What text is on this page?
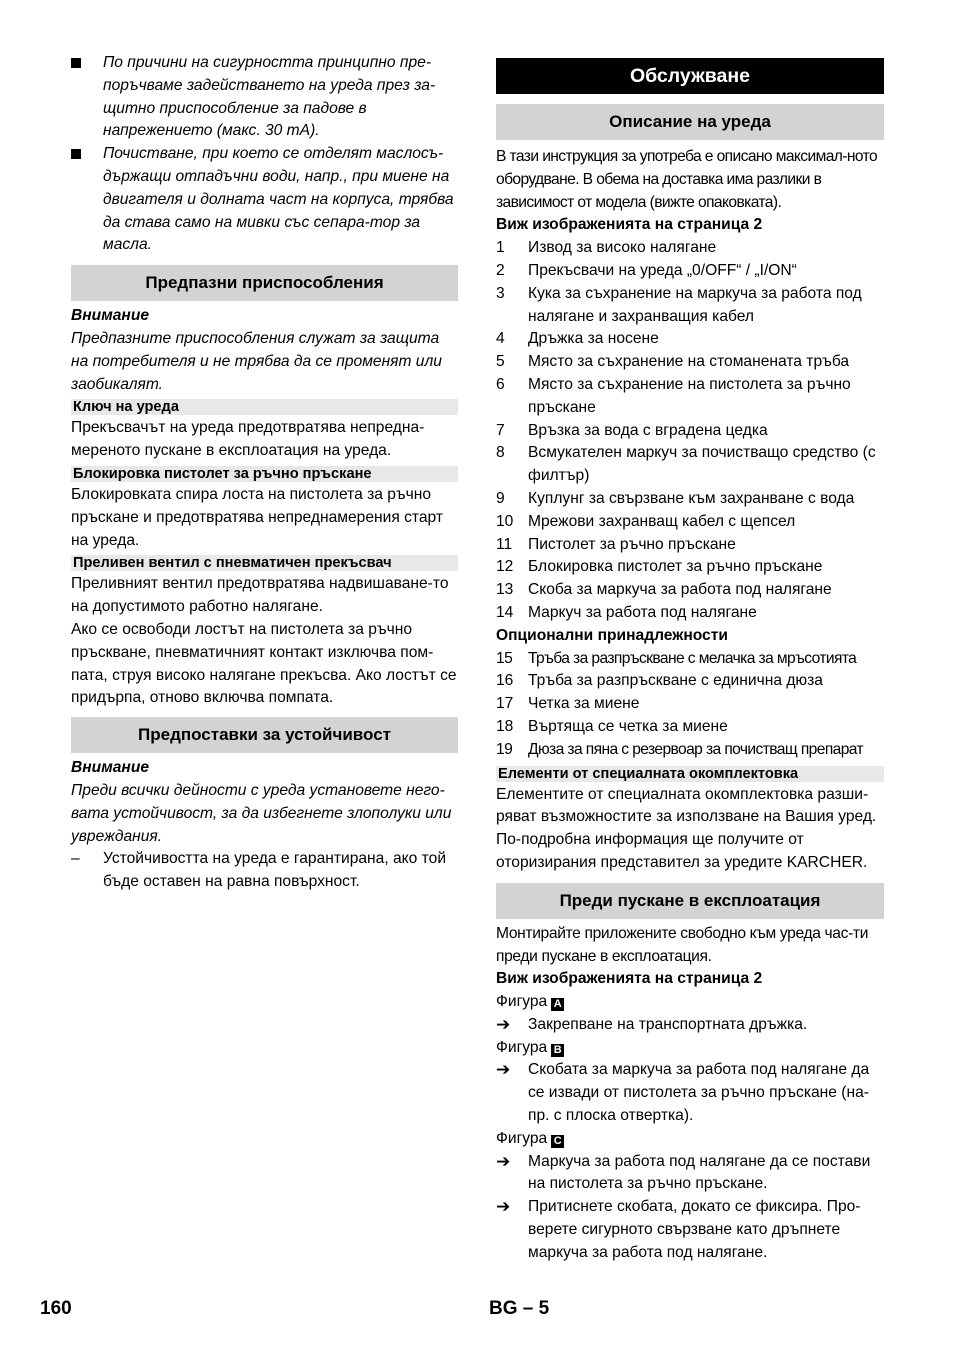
По причини на сигурността принципно пре-поръчваме задействането на уреда през за-щитно приспособление за падове в напрежението (макс. 30 mA).
Почистване, при което се отделят маслосъ-държащи отпадъчни води, напр., при миене на двигателя и долната част на корпуса, трябва да става само на мивки със сепара-тор за масла.
Предпазни приспособления
Внимание
Предпазните приспособления служат за защита на потребителя и не трябва да се променят или заобикалят.
Ключ на уреда
Прекъсвачът на уреда предотвратява непредна-мереното пускане в експлоатация на уреда.
Блокировка пистолет за ръчно пръскане
Блокировката спира лоста на пистолета за ръчно пръскане и предотвратява непреднамерения старт на уреда.
Преливен вентил с пневматичен прекъсвач
Преливният вентил предотвратява надвишаване-то на допустимото работно налягане.
Ако се освободи лостът на пистолета за ръчно пръскване, пневматичният контакт изключва пом-пата, струя високо налягане прекъсва. Ако лостът се придърпа, отново включва помпата.
Предпоставки за устойчивост
Внимание
Преди всички дейности с уреда установете него-вата устойчивост, за да избегнете злополуки или увреждания.
–	Устойчивостта на уреда е гарантирана, ако той бъде оставен на равна повърхност.
Обслужване
Описание на уреда
В тази инструкция за употреба е описано максимал-ното оборудване. В обема на доставка има разлики в зависимост от модела (вижте опаковката).
Виж изображенията на страница 2
1	Извод за високо налягане
2	Прекъсвачи на уреда „0/OFF“ / „I/ON“
3	Кука за съхранение на маркуча за работа под налягане и захранващия кабел
4	Дръжка за носене
5	Място за съхранение на стоманената тръба
6	Място за съхранение на пистолета за ръчно пръскане
7	Връзка за вода с вградена цедка
8	Всмукателен маркуч за почистващо средство (с филтър)
9	Куплунг за свързване към захранване с вода
10 Мрежови захранващ кабел с щепсел
11	Пистолет за ръчно пръскане
12 Блокировка пистолет за ръчно пръскане
13 Скоба за маркуча за работа под налягане
14 Маркуч за работа под налягане
Опционални принадлежности
15	Тръба за разпръскване с мелачка за мръсотията
16 Тръба за разпръскване с единична дюза
17 Четка за миене
18 Въртяща се четка за миене
19	Дюза за пяна с резервоар за почистващ препарат
Елементи от специалната окомплектовка
Елементите от специалната окомплектовка разши-ряват възможностите за използване на Вашия уред. По-подробна информация ще получите от оторизирания представител за уредите KARCHER.
Преди пускане в експлоатация
Монтирайте приложените свободно към уреда час-ти преди пускане в експлоатация.
Виж изображенията на страница 2
Фигура A
➔	Закрепване на транспортната дръжка.
Фигура B
➔	Скобата за маркуча за работа под налягане да се извади от пистолета за ръчно пръскане (на-пр. с плоска отвертка).
Фигура C
➔	Маркуча за работа под налягане да се постави на пистолета за ръчно пръскане.
➔	Притиснете скобата, докато се фиксира. Про-верете сигурното свързване като дръпнете маркуча за работа под налягане.
160	BG – 5
